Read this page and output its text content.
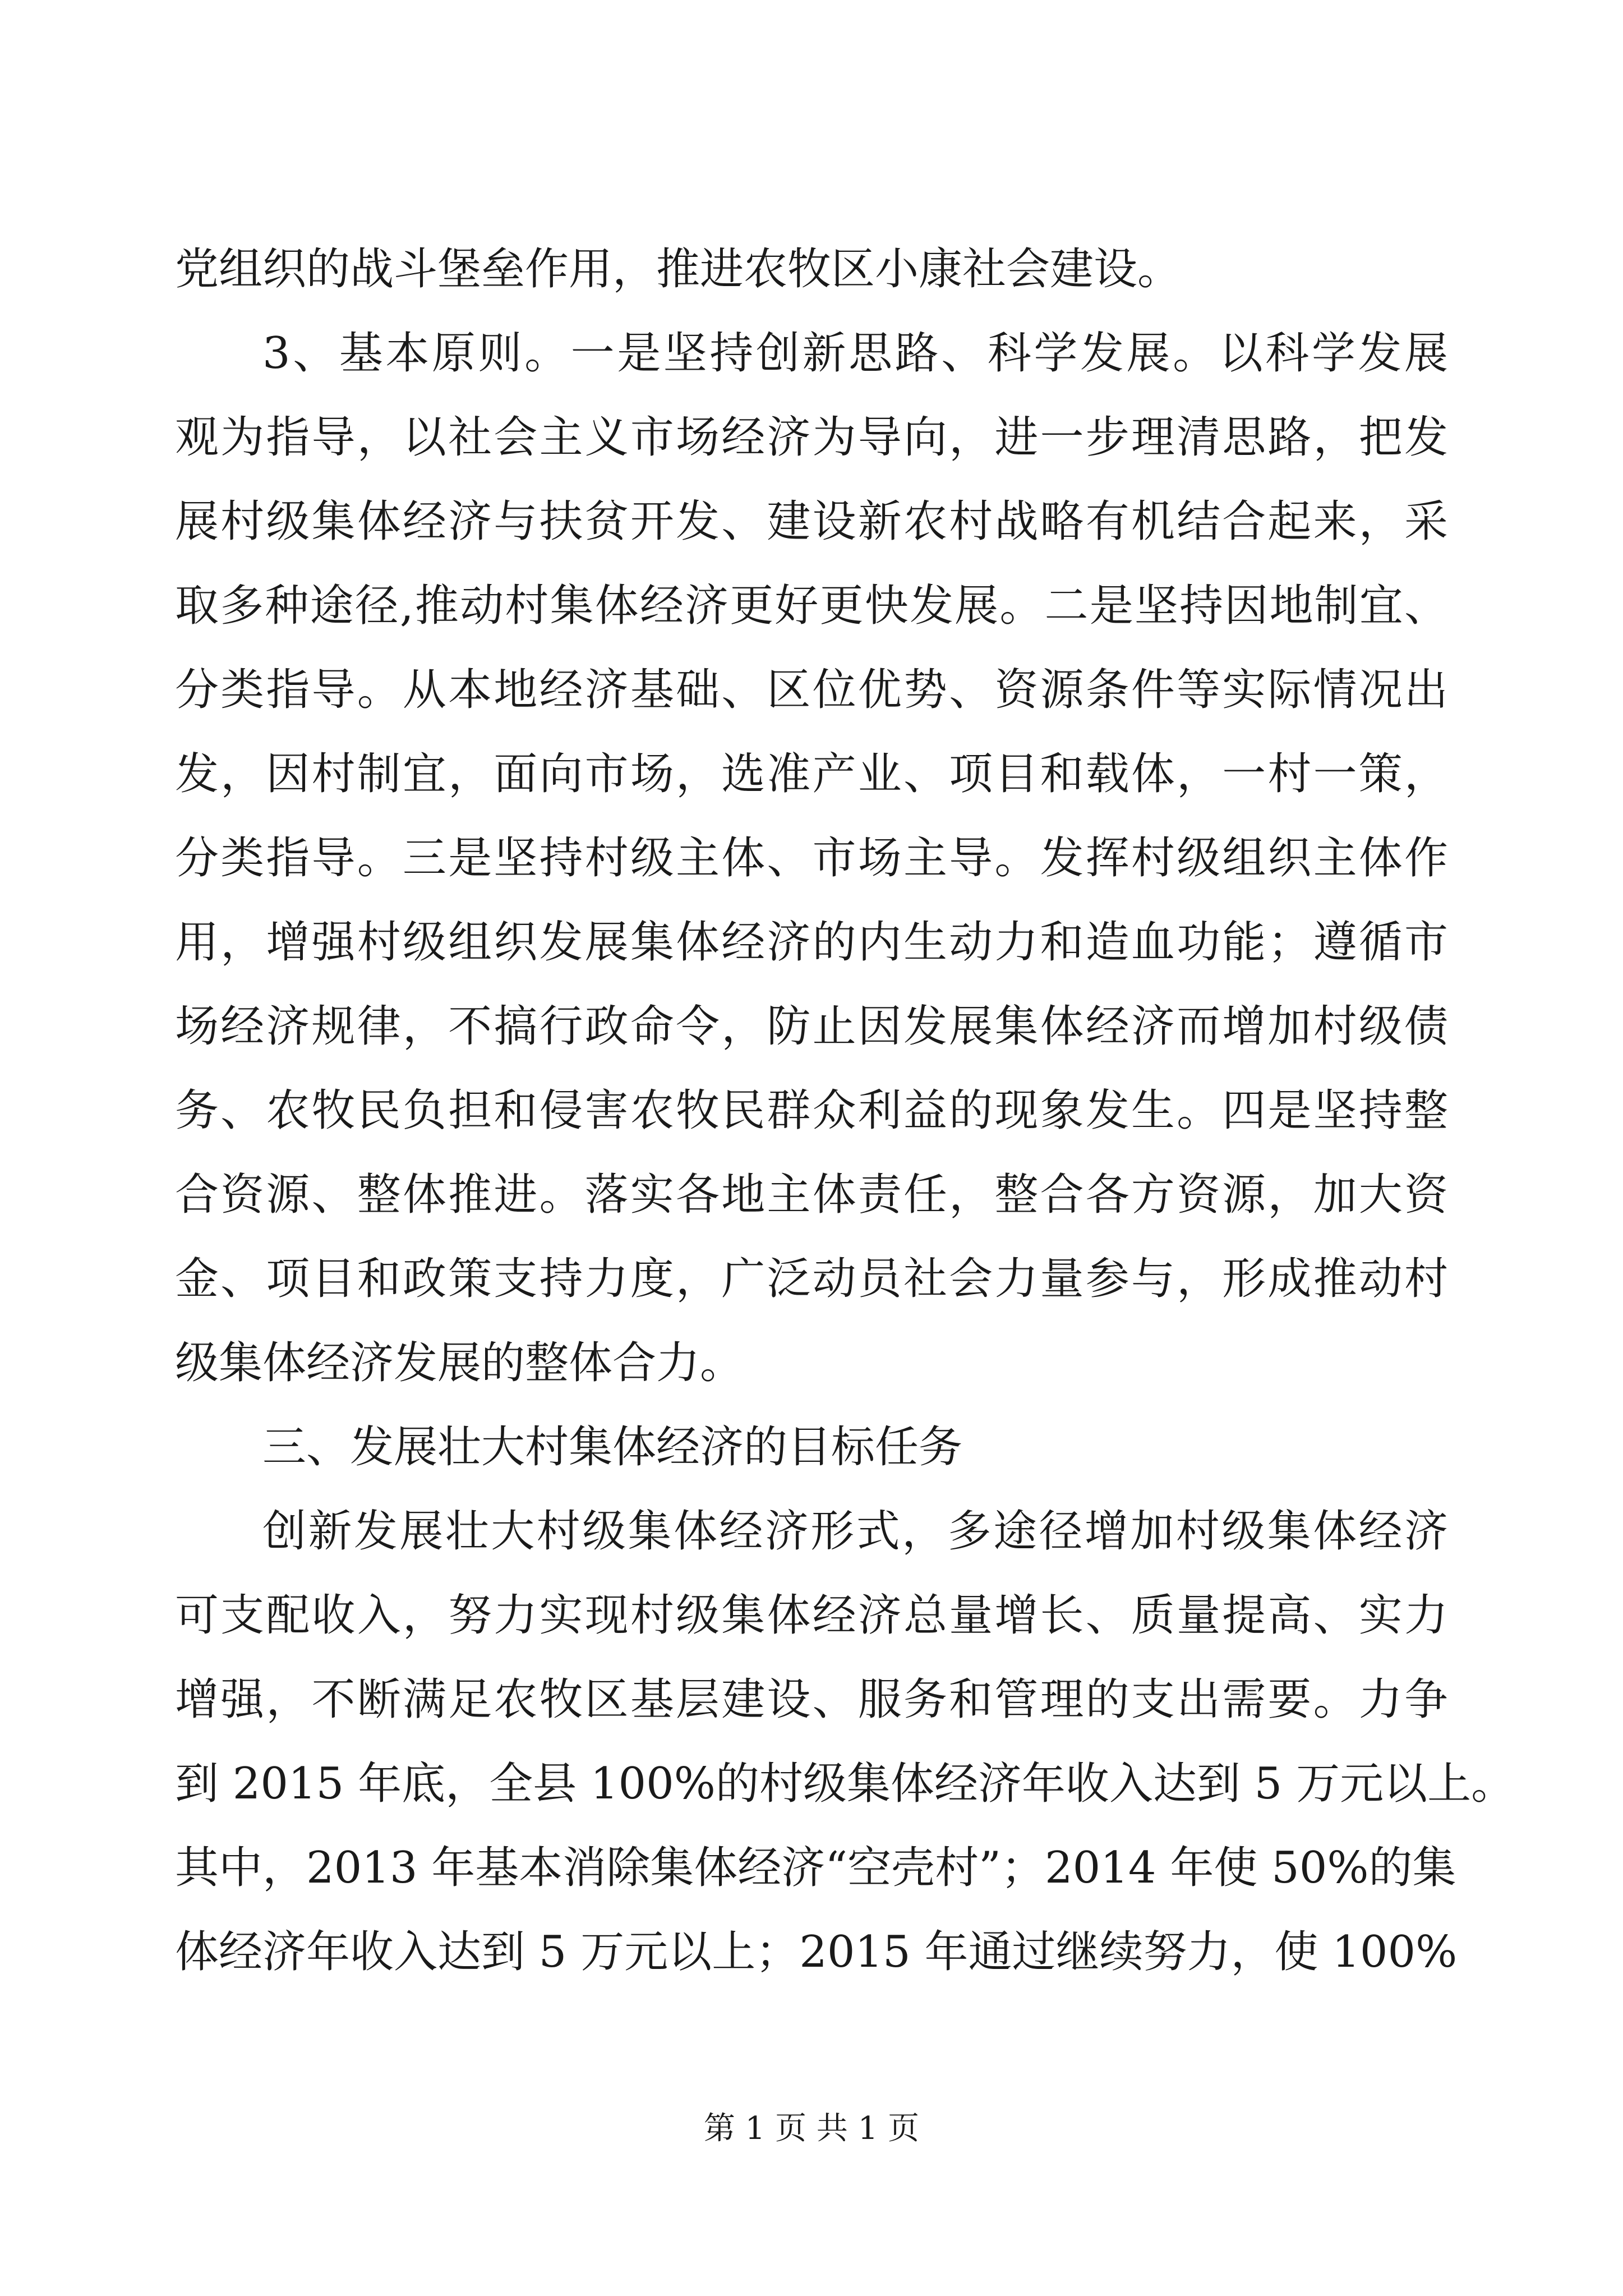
党组织的战斗堡垒作用，推进农牧区小康社会建设。
3、基本原则。一是坚持创新思路、科学发展。以科学发展
观为指导，以社会主义市场经济为导向，进一步理清思路，把发
展村级集体经济与扶贫开发、建设新农村战略有机结合起来，采
取多种途径,推动村集体经济更好更快发展。二是坚持因地制宜、
分类指导。从本地经济基础、区位优势、资源条件等实际情况出
发，因村制宜，面向市场，选准产业、项目和载体，一村一策，
分类指导。三是坚持村级主体、市场主导。发挥村级组织主体作
用，增强村级组织发展集体经济的内生动力和造血功能；遵循市
场经济规律，不搞行政命令，防止因发展集体经济而增加村级债
务、农牧民负担和侵害农牧民群众利益的现象发生。四是坚持整
合资源、整体推进。落实各地主体责任，整合各方资源，加大资
金、项目和政策支持力度，广泛动员社会力量参与，形成推动村
级集体经济发展的整体合力。
三、发展壮大村集体经济的目标任务
创新发展壮大村级集体经济形式，多途径增加村级集体经济
可支配收入，努力实现村级集体经济总量增长、质量提高、实力
增强，不断满足农牧区基层建设、服务和管理的支出需要。力争
到 2015 年底，全县 100%的村级集体经济年收入达到 5 万元以上。
其中，2013 年基本消除集体经济“空壳村”；2014 年使 50%的集
体经济年收入达到 5 万元以上；2015 年通过继续努力，使 100%
第 1 页 共 1 页
